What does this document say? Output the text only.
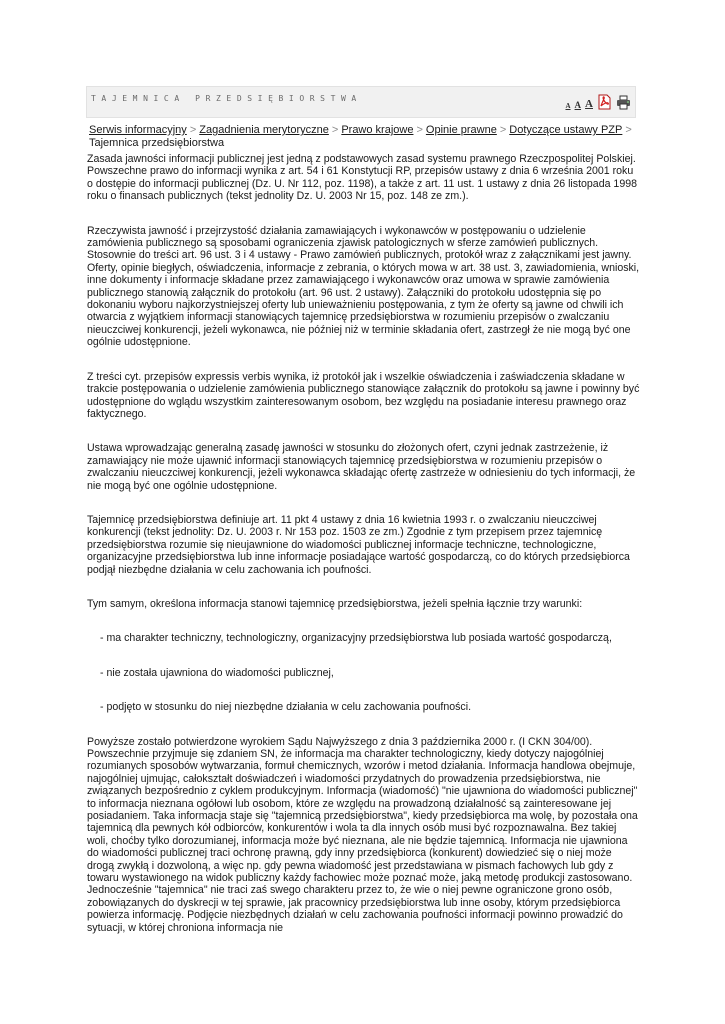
TAJEMNICA PRZEDSIĘBIORSTWA
A A A
Serwis informacyjny > Zagadnienia merytoryczne > Prawo krajowe > Opinie prawne > Dotyczące ustawy PZP >
Tajemnica przedsiębiorstwa

Zasada jawności informacji publicznej jest jedną z podstawowych zasad systemu prawnego Rzeczpospolitej Polskiej. Powszechne prawo do informacji wynika z art. 54 i 61 Konstytucji RP, przepisów ustawy z dnia 6 września 2001 roku o dostępie do informacji publicznej (Dz. U. Nr 112, poz. 1198), a także z art. 11 ust. 1 ustawy z dnia 26 listopada 1998 roku o finansach publicznych (tekst jednolity Dz. U. 2003 Nr 15, poz. 148 ze zm.).

Rzeczywista jawność i przejrzystość działania zamawiających i wykonawców w postępowaniu o udzielenie zamówienia publicznego są sposobami ograniczenia zjawisk patologicznych w sferze zamówień publicznych. Stosownie do treści art. 96 ust. 3 i 4 ustawy - Prawo zamówień publicznych, protokół wraz z załącznikami jest jawny. Oferty, opinie biegłych, oświadczenia, informacje z zebrania, o których mowa w art. 38 ust. 3, zawiadomienia, wnioski, inne dokumenty i informacje składane przez zamawiającego i wykonawców oraz umowa w sprawie zamówienia publicznego stanowią załącznik do protokołu (art. 96 ust. 2 ustawy). Załączniki do protokołu udostępnia się po dokonaniu wyboru najkorzystniejszej oferty lub unieważnieniu postępowania, z tym że oferty są jawne od chwili ich otwarcia z wyjątkiem informacji stanowiących tajemnicę przedsiębiorstwa w rozumieniu przepisów o zwalczaniu nieuczciwej konkurencji, jeżeli wykonawca, nie później niż w terminie składania ofert, zastrzegł że nie mogą być one ogólnie udostępnione.

Z treści cyt. przepisów expressis verbis wynika, iż protokół jak i wszelkie oświadczenia i zaświadczenia składane w trakcie postępowania o udzielenie zamówienia publicznego stanowiące załącznik do protokołu są jawne i powinny być udostępnione do wglądu wszystkim zainteresowanym osobom, bez względu na posiadanie interesu prawnego oraz faktycznego.

Ustawa wprowadzając generalną zasadę jawności w stosunku do złożonych ofert, czyni jednak zastrzeżenie, iż zamawiający nie może ujawnić informacji stanowiących tajemnicę przedsiębiorstwa w rozumieniu przepisów o zwalczaniu nieuczciwej konkurencji, jeżeli wykonawca składając ofertę zastrzeże w odniesieniu do tych informacji, że nie mogą być one ogólnie udostępnione.

Tajemnicę przedsiębiorstwa definiuje art. 11 pkt 4 ustawy z dnia 16 kwietnia 1993 r. o zwalczaniu nieuczciwej konkurencji (tekst jednolity: Dz. U. 2003 r. Nr 153 poz. 1503 ze zm.) Zgodnie z tym przepisem przez tajemnicę przedsiębiorstwa rozumie się nieujawnione do wiadomości publicznej informacje techniczne, technologiczne, organizacyjne przedsiębiorstwa lub inne informacje posiadające wartość gospodarczą, co do których przedsiębiorca podjął niezbędne działania w celu zachowania ich poufności.

Tym samym, określona informacja stanowi tajemnicę przedsiębiorstwa, jeżeli spełnia łącznie trzy warunki:

- ma charakter techniczny, technologiczny, organizacyjny przedsiębiorstwa lub posiada wartość gospodarczą,

- nie została ujawniona do wiadomości publicznej,

- podjęto w stosunku do niej niezbędne działania w celu zachowania poufności.

Powyższe zostało potwierdzone wyrokiem Sądu Najwyższego z dnia 3 października 2000 r. (I CKN 304/00). Powszechnie przyjmuje się zdaniem SN, że informacja ma charakter technologiczny, kiedy dotyczy najogólniej rozumianych sposobów wytwarzania, formuł chemicznych, wzorów i metod działania. Informacja handlowa obejmuje, najogólniej ujmując, całokształt doświadczeń i wiadomości przydatnych do prowadzenia przedsiębiorstwa, nie związanych bezpośrednio z cyklem produkcyjnym. Informacja (wiadomość) "nie ujawniona do wiadomości publicznej" to informacja nieznana ogółowi lub osobom, które ze względu na prowadzoną działalność są zainteresowane jej posiadaniem. Taka informacja staje się "tajemnicą przedsiębiorstwa", kiedy przedsiębiorca ma wolę, by pozostała ona tajemnicą dla pewnych kół odbiorców, konkurentów i wola ta dla innych osób musi być rozpoznawalna. Bez takiej woli, choćby tylko dorozumianej, informacja może być nieznana, ale nie będzie tajemnicą. Informacja nie ujawniona do wiadomości publicznej traci ochronę prawną, gdy inny przedsiębiorca (konkurent) dowiedzieć się o niej może drogą zwykłą i dozwoloną, a więc np. gdy pewna wiadomość jest przedstawiana w pismach fachowych lub gdy z towaru wystawionego na widok publiczny każdy fachowiec może poznać może, jaką metodę produkcji zastosowano. Jednocześnie "tajemnica" nie traci zaś swego charakteru przez to, że wie o niej pewne ograniczone grono osób, zobowiązanych do dyskrecji w tej sprawie, jak pracownicy przedsiębiorstwa lub inne osoby, którym przedsiębiorca powierza informację. Podjęcie niezbędnych działań w celu zachowania poufności informacji powinno prowadzić do sytuacji, w której chroniona informacja nie
